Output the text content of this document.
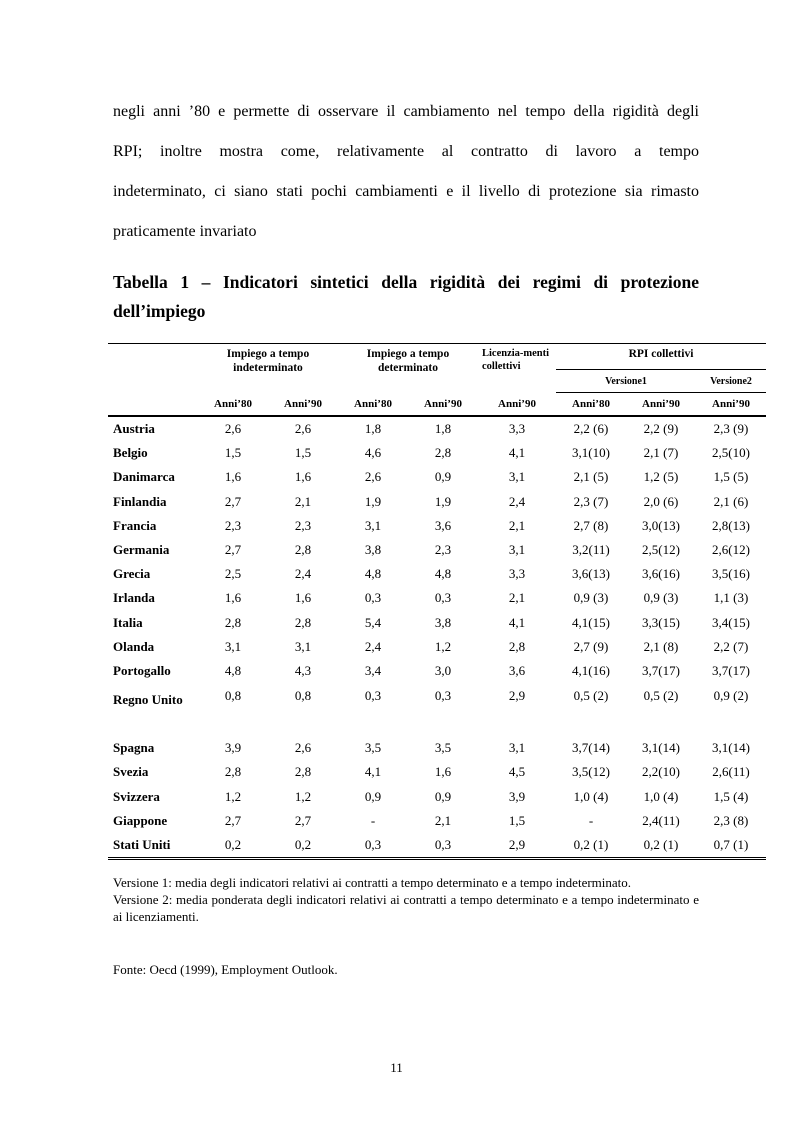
negli anni ’80 e permette di osservare il cambiamento nel tempo della rigidità degli
RPI; inoltre mostra come, relativamente al contratto di lavoro a tempo
indeterminato, ci siano stati pochi cambiamenti e il livello di protezione sia rimasto
praticamente invariato
Tabella 1 – Indicatori sintetici della rigidità dei regimi di protezione
dell’impiego
	Impiego a tempo indeterminato		Impiego a tempo determinato		Licenzia-menti collettivi	RPI collettivi		
						Versione1		Versione2
	Anni’80	Anni’90	Anni’80	Anni’90	Anni’90	Anni’80	Anni’90	Anni’90
Austria	2,6	2,6	1,8	1,8	3,3	2,2 (6)	2,2 (9)	2,3 (9)
Belgio	1,5	1,5	4,6	2,8	4,1	3,1(10)	2,1 (7)	2,5(10)
Danimarca	1,6	1,6	2,6	0,9	3,1	2,1 (5)	1,2 (5)	1,5 (5)
Finlandia	2,7	2,1	1,9	1,9	2,4	2,3 (7)	2,0 (6)	2,1 (6)
Francia	2,3	2,3	3,1	3,6	2,1	2,7 (8)	3,0(13)	2,8(13)
Germania	2,7	2,8	3,8	2,3	3,1	3,2(11)	2,5(12)	2,6(12)
Grecia	2,5	2,4	4,8	4,8	3,3	3,6(13)	3,6(16)	3,5(16)
Irlanda	1,6	1,6	0,3	0,3	2,1	0,9 (3)	0,9 (3)	1,1 (3)
Italia	2,8	2,8	5,4	3,8	4,1	4,1(15)	3,3(15)	3,4(15)
Olanda	3,1	3,1	2,4	1,2	2,8	2,7 (9)	2,1 (8)	2,2 (7)
Portogallo	4,8	4,3	3,4	3,0	3,6	4,1(16)	3,7(17)	3,7(17)
Regno Unito	0,8	0,8	0,3	0,3	2,9	0,5 (2)	0,5 (2)	0,9 (2)
Spagna	3,9	2,6	3,5	3,5	3,1	3,7(14)	3,1(14)	3,1(14)
Svezia	2,8	2,8	4,1	1,6	4,5	3,5(12)	2,2(10)	2,6(11)
Svizzera	1,2	1,2	0,9	0,9	3,9	1,0 (4)	1,0 (4)	1,5 (4)
Giappone	2,7	2,7	-	2,1	1,5	-	2,4(11)	2,3 (8)
Stati Uniti	0,2	0,2	0,3	0,3	2,9	0,2 (1)	0,2 (1)	0,7 (1)

Versione 1: media degli indicatori relativi ai contratti a tempo determinato e a tempo indeterminato.

Versione 2: media ponderata degli indicatori relativi ai contratti a tempo determinato e a tempo indeterminato e ai licenziamenti.

Fonte: Oecd (1999), Employment Outlook.
11
